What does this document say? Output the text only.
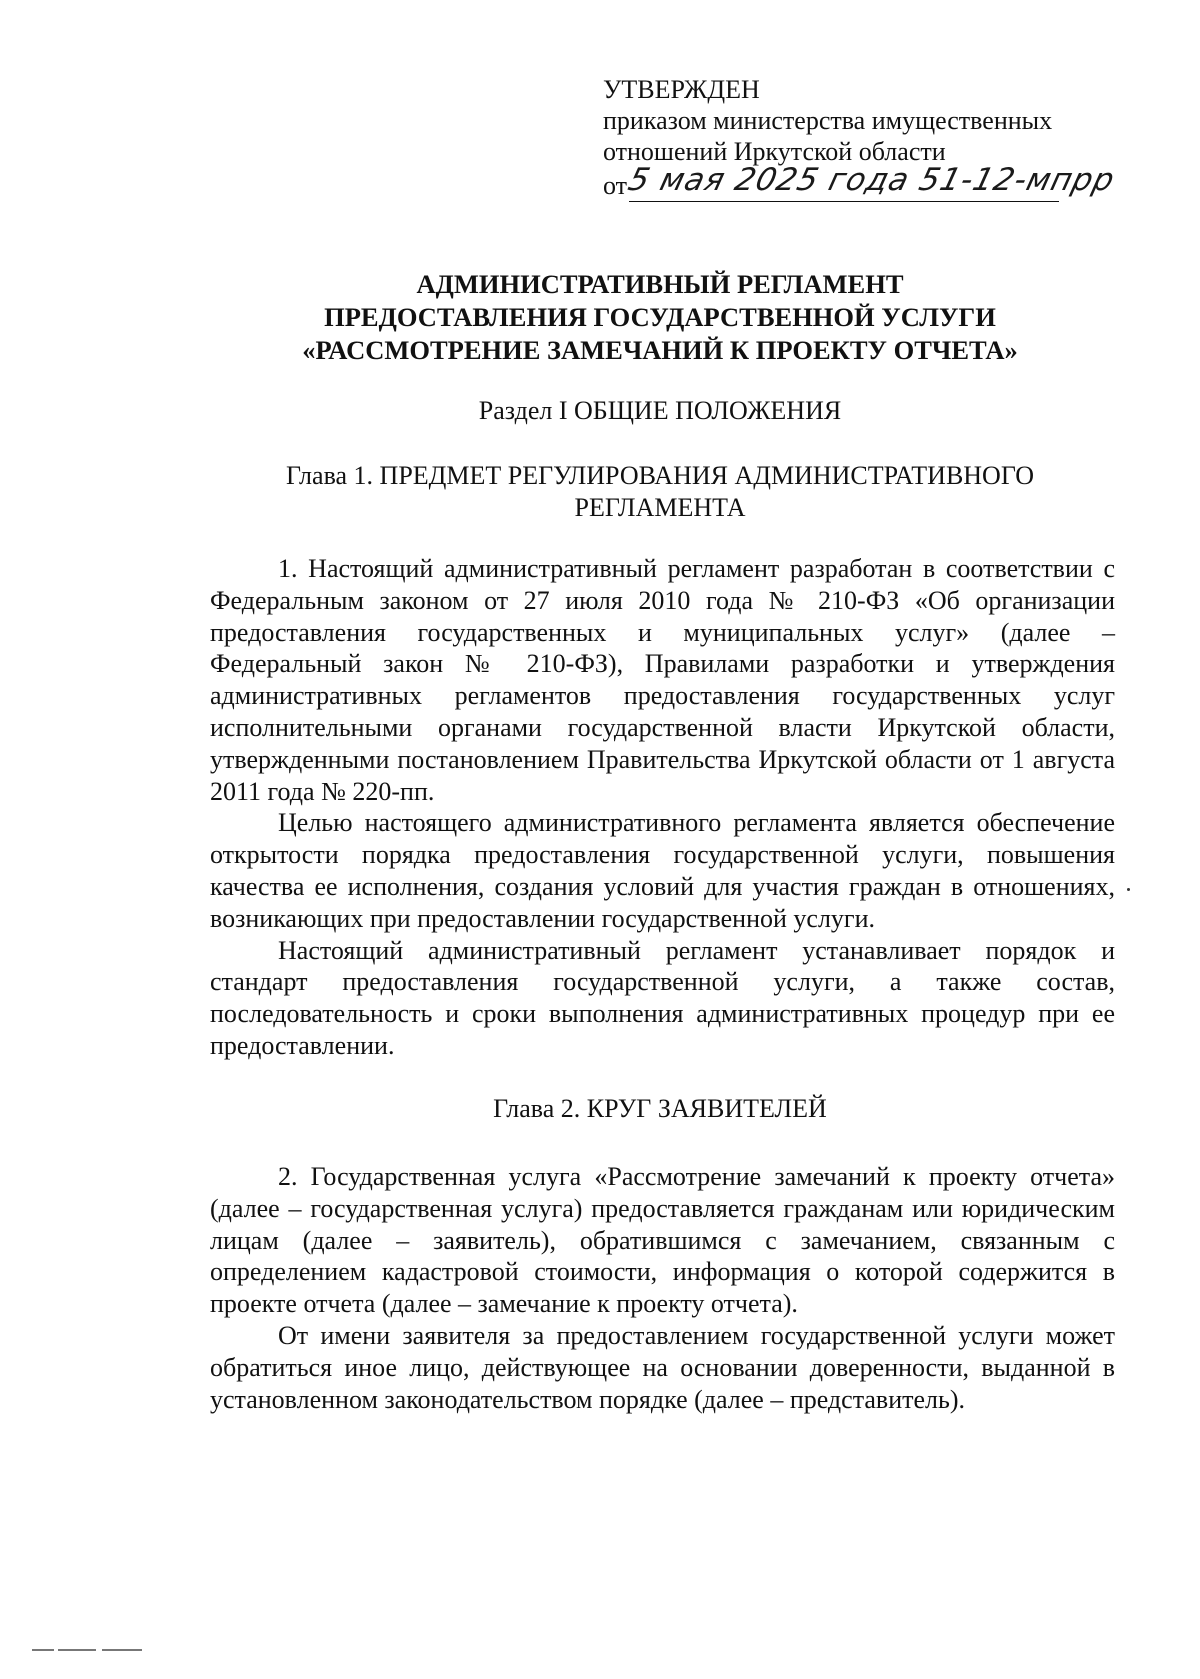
УТВЕРЖДЕН
приказом министерства имущественных
отношений Иркутской области
от
5 мая 2025 года 51-12-мпрр
АДМИНИСТРАТИВНЫЙ РЕГЛАМЕНТ
ПРЕДОСТАВЛЕНИЯ ГОСУДАРСТВЕННОЙ УСЛУГИ
«РАССМОТРЕНИЕ ЗАМЕЧАНИЙ К ПРОЕКТУ ОТЧЕТА»
Раздел I ОБЩИЕ ПОЛОЖЕНИЯ
Глава 1. ПРЕДМЕТ РЕГУЛИРОВАНИЯ АДМИНИСТРАТИВНОГО
РЕГЛАМЕНТА

1. Настоящий административный регламент разработан в соответствии с Федеральным законом от 27 июля 2010 года № 210-ФЗ «Об организации предоставления государственных и муниципальных услуг» (далее – Федеральный закон № 210-ФЗ), Правилами разработки и утверждения административных регламентов предоставления государственных услуг исполнительными органами государственной власти Иркутской области, утвержденными постановлением Правительства Иркутской области от 1 августа 2011 года № 220-пп.

Целью настоящего административного регламента является обеспечение открытости порядка предоставления государственной услуги, повышения качества ее исполнения, создания условий для участия граждан в отношениях, возникающих при предоставлении государственной услуги.

Настоящий административный регламент устанавливает порядок и стандарт предоставления государственной услуги, а также состав, последовательность и сроки выполнения административных процедур при ее предоставлении.

Глава 2. КРУГ ЗАЯВИТЕЛЕЙ

2. Государственная услуга «Рассмотрение замечаний к проекту отчета» (далее – государственная услуга) предоставляется гражданам или юридическим лицам (далее – заявитель), обратившимся с замечанием, связанным с определением кадастровой стоимости, информация о которой содержится в проекте отчета (далее – замечание к проекту отчета).

От имени заявителя за предоставлением государственной услуги может обратиться иное лицо, действующее на основании доверенности, выданной в установленном законодательством порядке (далее – представитель).
